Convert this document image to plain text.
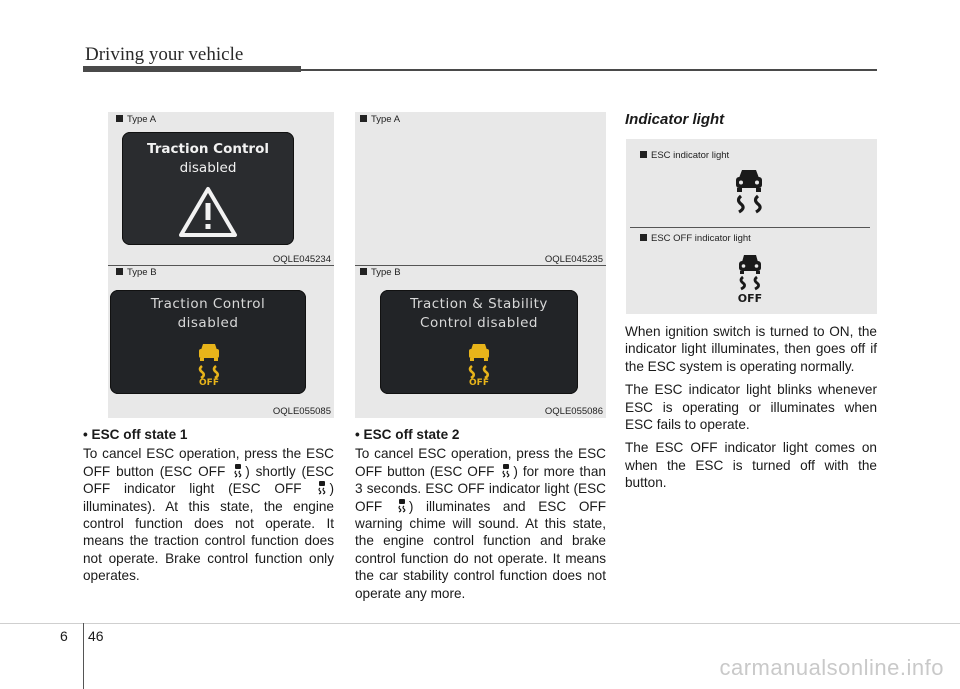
Driving your vehicle
Type A
Traction Control
disabled
OQLE045234
Type B
Traction Control
disabled
OFF
OQLE055085
Type A
OQLE045235
Type B
Traction & Stability
Control disabled
OFF
OQLE055086
• ESC off state 1

To cancel ESC operation, press the ESC OFF button (ESC OFF ) shortly (ESC OFF indicator light (ESC OFF ) illuminates). At this state, the engine control function does not operate. It means the traction control function does not operate. Brake control function only operates.

• ESC off state 2

To cancel ESC operation, press the ESC OFF button (ESC OFF ) for more than 3 seconds. ESC OFF indicator light (ESC OFF ) illuminates and ESC OFF warning chime will sound. At this state, the engine control function and brake control function do not operate. It means the car stability control function does not operate any more.

Indicator light
ESC indicator light
ESC OFF indicator light
OFF

When ignition switch is turned to ON, the indicator light illuminates, then goes off if the ESC system is operating normally.

The ESC indicator light blinks whenever ESC is operating or illuminates when ESC fails to operate.

The ESC OFF indicator light comes on when the ESC is turned off with the button.

6 46
carmanualsonline.info
